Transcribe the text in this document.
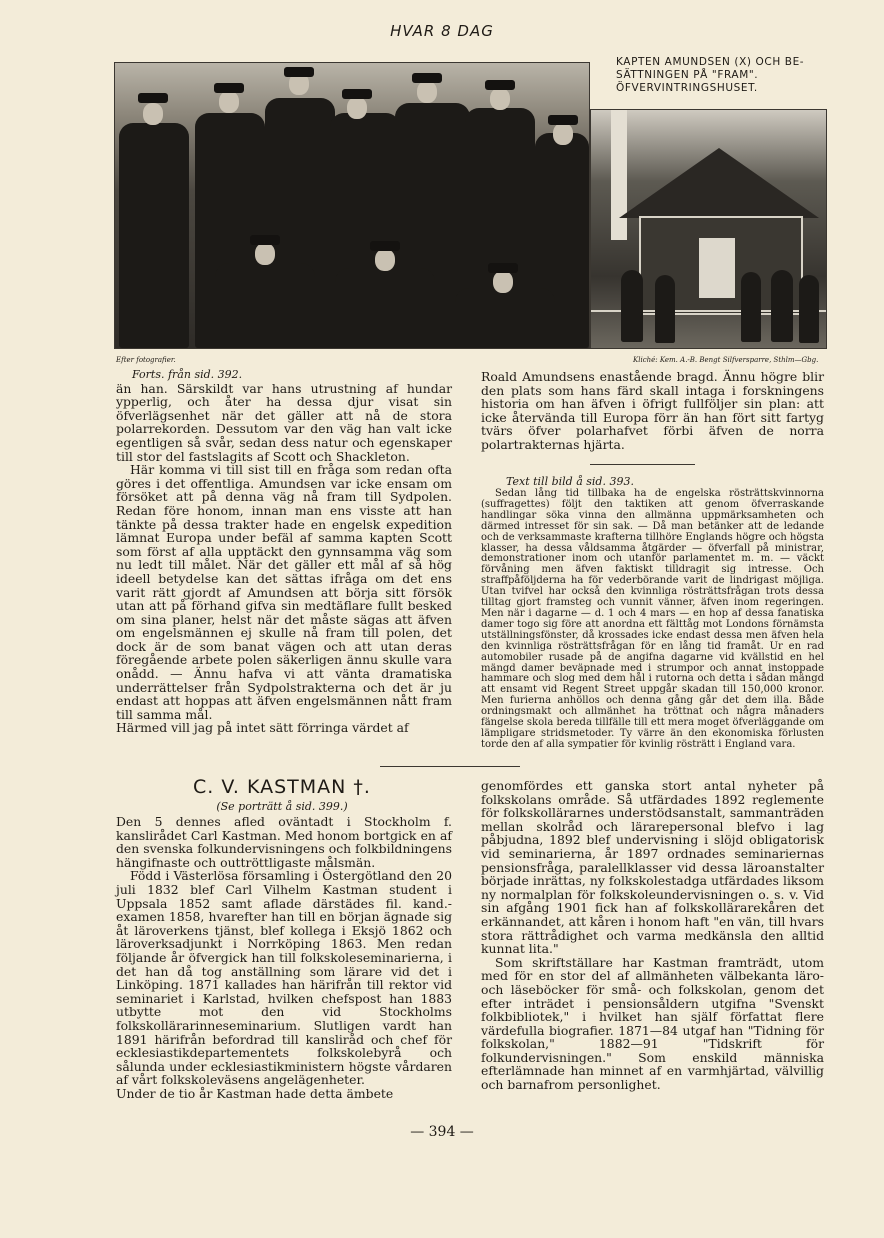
HVAR 8 DAG
KAPTEN AMUNDSEN (X) OCH BE-
SÄTTNINGEN PÅ "FRAM".
ÖFVERVINTRINGSHUSET.
Efter fotografier.	Kliché: Kem. A.-B. Bengt Silfversparre, Sthlm—Gbg.
Forts. från sid. 392.

än han. Särskildt var hans utrustning af hundar ypperlig, och åter ha dessa djur visat sin öfverlägsenhet när det gäller att nå de stora polarrekorden. Dessutom var den väg han valt icke egentligen så svår, sedan dess natur och egenskaper till stor del fastslagits af Scott och Shackleton.

Här komma vi till sist till en fråga som redan ofta göres i det offentliga. Amundsen var icke ensam om försöket att på denna väg nå fram till Sydpolen. Redan före honom, innan man ens visste att han tänkte på dessa trakter hade en engelsk expedition lämnat Europa under befäl af samma kapten Scott som först af alla upptäckt den gynnsamma väg som nu ledt till målet. När det gäller ett mål af så hög ideell betydelse kan det sättas ifråga om det ens varit rätt gjordt af Amundsen att börja sitt försök utan att på förhand gifva sin medtäflare fullt besked om sina planer, helst när det måste sägas att äfven om engelsmännen ej skulle nå fram till polen, det dock är de som banat vägen och att utan deras föregående arbete polen säkerligen ännu skulle vara onådd. — Ännu hafva vi att vänta dramatiska underrättelser från Sydpolstrakterna och det är ju endast att hoppas att äfven engelsmännen nått fram till samma mål.

Härmed vill jag på intet sätt förringa värdet af

Roald Amundsens enastående bragd. Ännu högre blir den plats som hans färd skall intaga i forskningens historia om han äfven i öfrigt fullföljer sin plan: att icke återvända till Europa förr än han fört sitt fartyg tvärs öfver polarhafvet förbi äfven de norra polartrakternas hjärta.

Text till bild å sid. 393.

Sedan lång tid tillbaka ha de engelska rösträttskvinnorna (suffragettes) följt den taktiken att genom öfverraskande handlingar söka vinna den allmänna uppmärksamheten och därmed intresset för sin sak. — Då man betänker att de ledande och de verksammaste krafterna tillhöre Englands högre och högsta klasser, ha dessa våldsamma åtgärder — öfverfall på ministrar, demonstrationer inom och utanför parlamentet m. m. — väckt förvåning men äfven faktiskt tilldragit sig intresse. Och straffpåföljderna ha för vederbörande varit de lindrigast möjliga. Utan tvifvel har också den kvinnliga rösträttsfrågan trots dessa tilltag gjort framsteg och vunnit vänner, äfven inom regeringen. Men när i dagarne — d. 1 och 4 mars — en hop af dessa fanatiska damer togo sig före att anordna ett fälttåg mot Londons förnämsta utställningsfönster, då krossades icke endast dessa men äfven hela den kvinnliga rösträttsfrågan för en lång tid framåt. Ur en rad automobiler rusade på de angifna dagarne vid kvällstid en hel mängd damer beväpnade med i strumpor och annat instoppade hammare och slog med dem hål i rutorna och detta i sådan mängd att ensamt vid Regent Street uppgår skadan till 150,000 kronor. Men furierna anhöllos och denna gång går det dem illa. Både ordningsmakt och allmänhet ha tröttnat och några månaders fängelse skola bereda tillfälle till ett mera moget öfverläggande om lämpligare stridsmetoder. Ty värre än den ekonomiska förlusten torde den af alla sympatier för kvinlig rösträtt i England vara.

C. V. KASTMAN †.
(Se porträtt å sid. 399.)

Den 5 dennes afled oväntadt i Stockholm f. kanslirådet Carl Kastman. Med honom bortgick en af den svenska folkundervisningens och folkbildningens hängifnaste och outtröttligaste målsmän.

Född i Västerlösa församling i Östergötland den 20 juli 1832 blef Carl Vilhelm Kastman student i Uppsala 1852 samt aflade därstädes fil. kand.-examen 1858, hvarefter han till en början ägnade sig åt läroverkens tjänst, blef kollega i Eksjö 1862 och läroverksadjunkt i Norrköping 1863. Men redan följande år öfvergick han till folkskoleseminarierna, i det han då tog anställning som lärare vid det i Linköping. 1871 kallades han härifrån till rektor vid seminariet i Karlstad, hvilken chefspost han 1883 utbytte mot den vid Stockholms folkskollärarinneseminarium. Slutligen vardt han 1891 härifrån befordrad till kansliråd och chef för ecklesiastikdepartementets folkskolebyrå och sålunda under ecklesiastikministern högste vårdaren af vårt folkskoleväsens angelägenheter.

Under de tio år Kastman hade detta ämbete

genomfördes ett ganska stort antal nyheter på folkskolans område. Så utfärdades 1892 reglemente för folkskollärarnes understödsanstalt, sammanträden mellan skolråd och lärarepersonal blefvo i lag påbjudna, 1892 blef undervisning i slöjd obligatorisk vid seminarierna, år 1897 ordnades seminariernas pensionsfrågа, paralellklasser vid dessa läroanstalter började inrättas, ny folkskolestadga utfärdades liksom ny normalplan för folkskoleundervisningen o. s. v. Vid sin afgång 1901 fick han af folkskollärarekåren det erkännandet, att kåren i honom haft "en vän, till hvars stora rättrådighet och varma medkänsla den alltid kunnat lita."

Som skriftställare har Kastman framträdt, utom med för en stor del af allmänheten välbekanta läro- och läseböcker för små- och folkskolan, genom det efter inträdet i pensionsåldern utgifna "Svenskt folkbibliotek," i hvilket han själf författat flere värdefulla biografier. 1871—84 utgaf han "Tidning för folkskolan," 1882—91 "Tidskrift för folkundervisningen." Som enskild människa efterlämnade han minnet af en varmhjärtad, välvillig och barnafrom personlighet.

— 394 —
